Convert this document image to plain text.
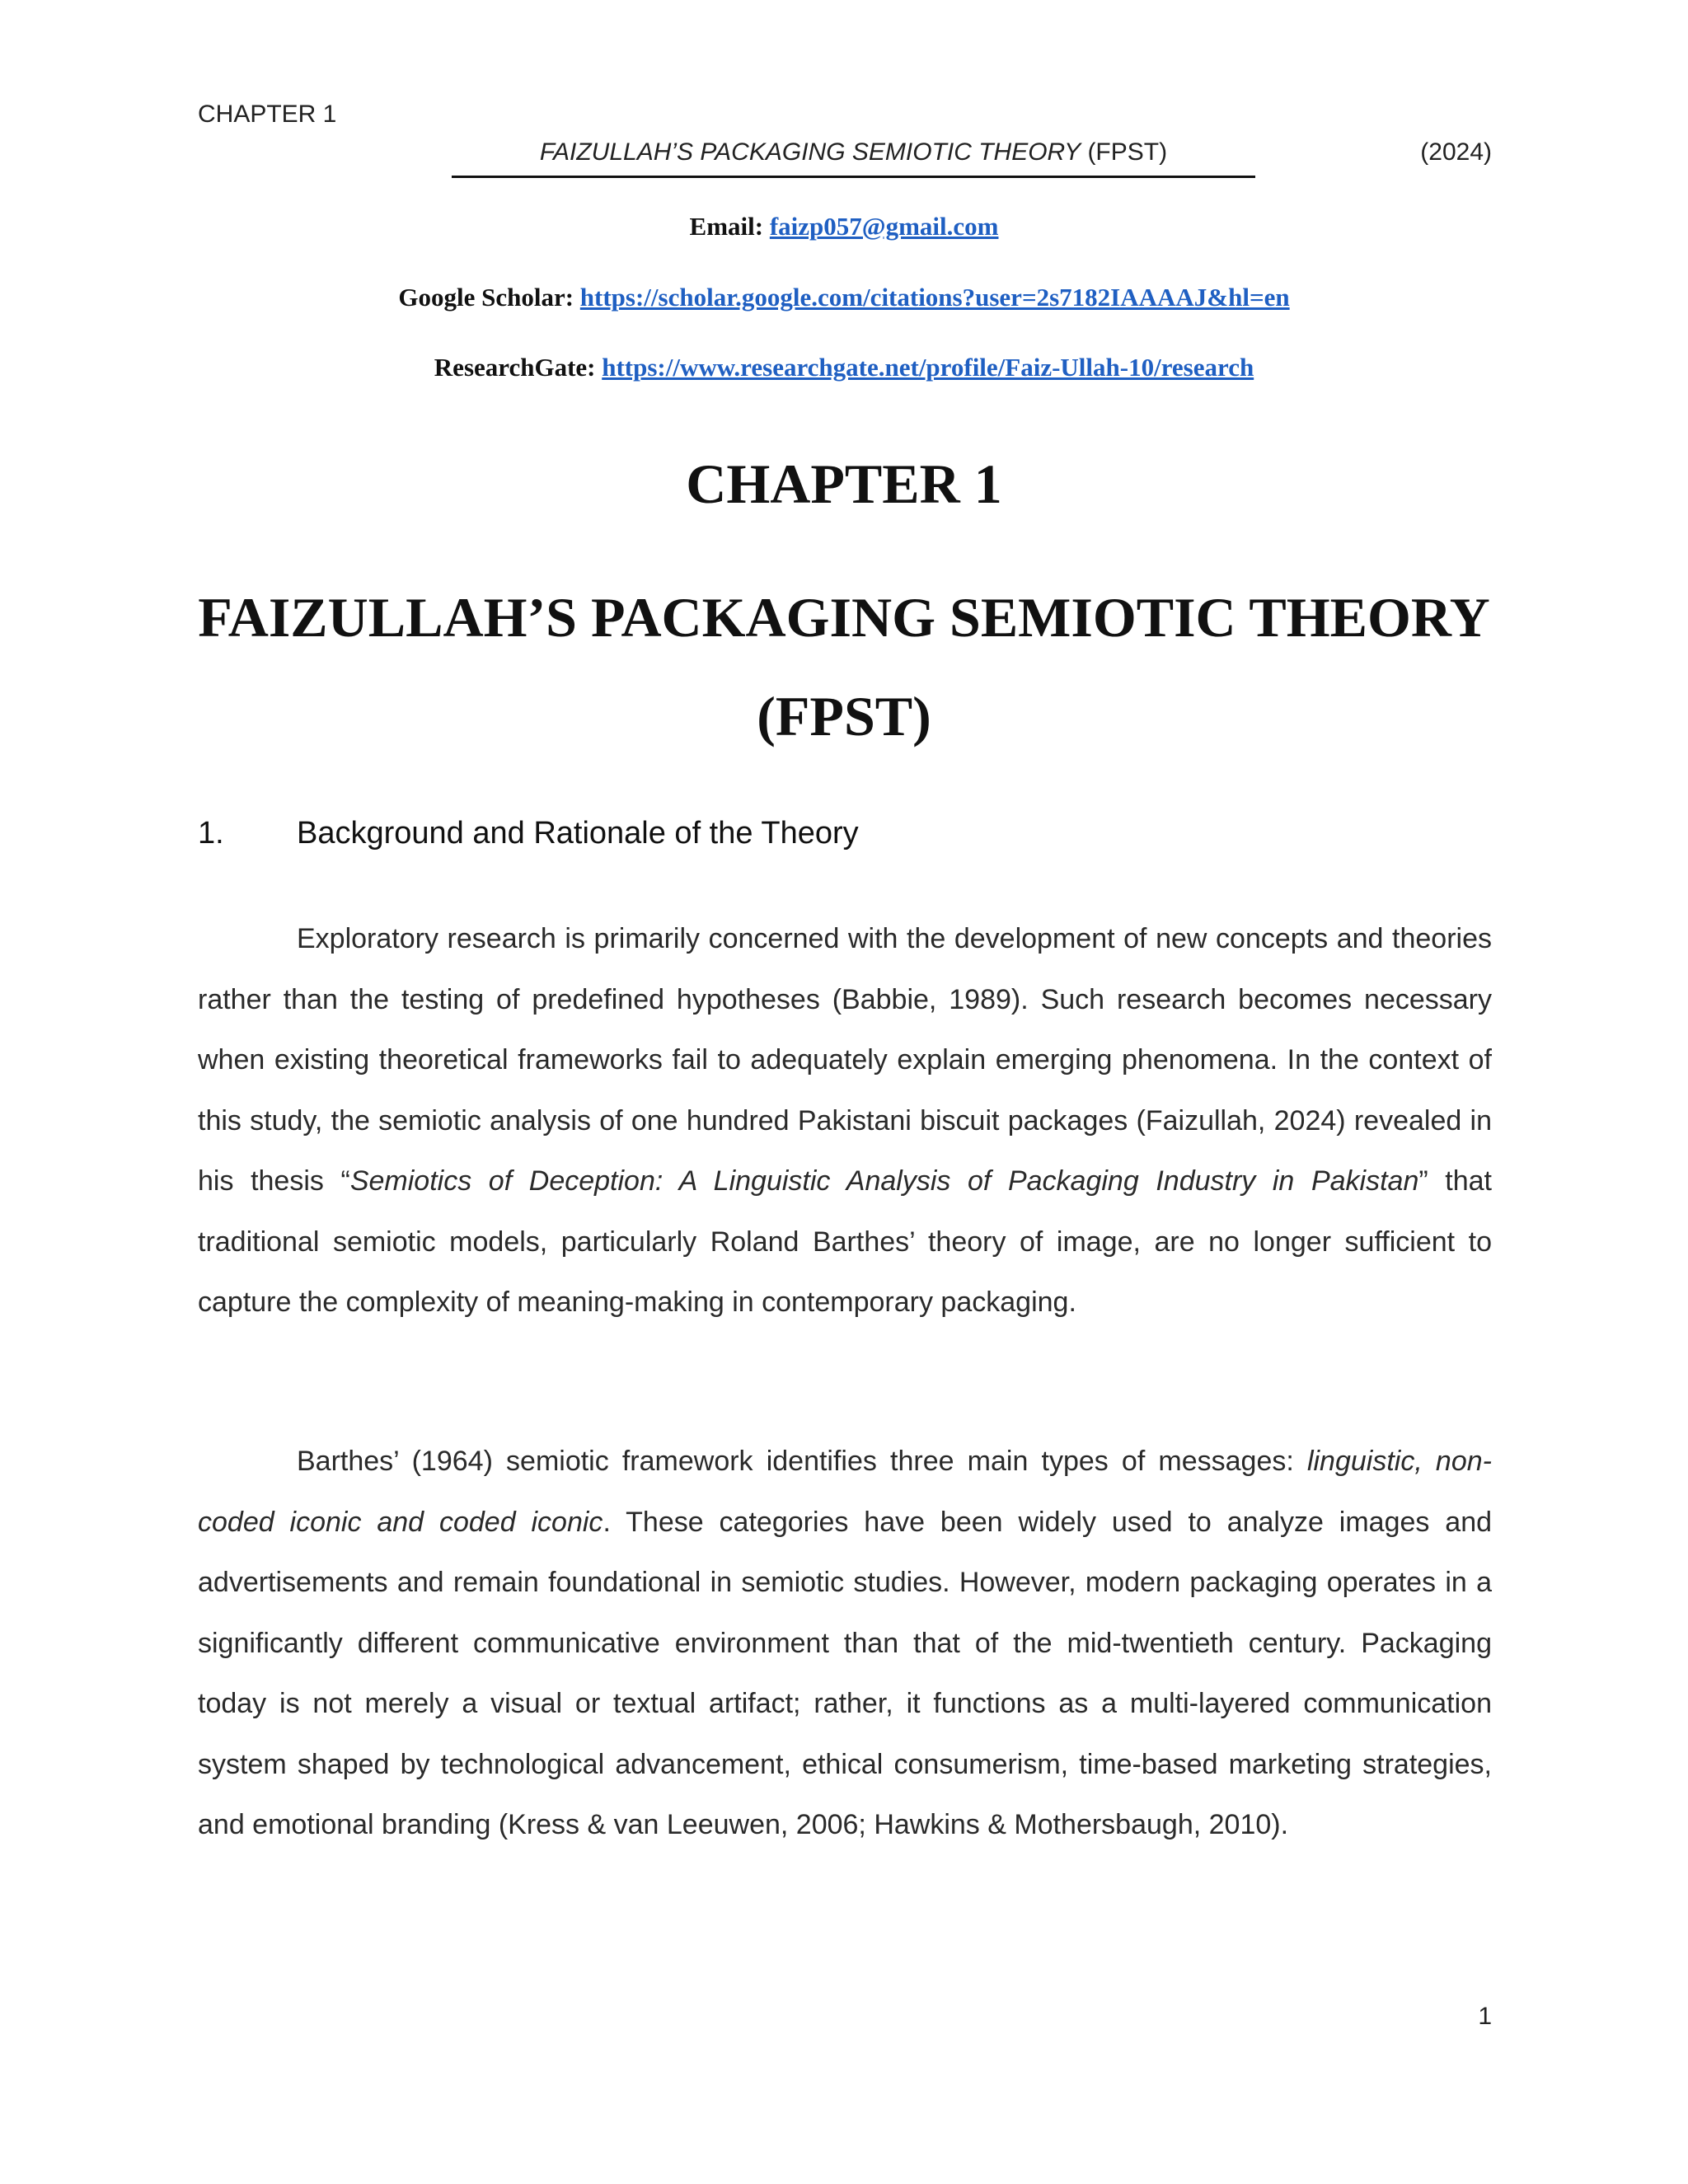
CHAPTER 1
FAIZULLAH’S PACKAGING SEMIOTIC THEORY (FPST)	(2024)
Email: faizp057@gmail.com
Google Scholar: https://scholar.google.com/citations?user=2s7182IAAAAJ&hl=en
ResearchGate: https://www.researchgate.net/profile/Faiz-Ullah-10/research
CHAPTER 1
FAIZULLAH’S PACKAGING SEMIOTIC THEORY
(FPST)
1.	Background and Rationale of the Theory

Exploratory research is primarily concerned with the development of new concepts and theories rather than the testing of predefined hypotheses (Babbie, 1989). Such research becomes necessary when existing theoretical frameworks fail to adequately explain emerging phenomena. In the context of this study, the semiotic analysis of one hundred Pakistani biscuit packages (Faizullah, 2024) revealed in his thesis “Semiotics of Deception: A Linguistic Analysis of Packaging Industry in Pakistan” that traditional semiotic models, particularly Roland Barthes’ theory of image, are no longer sufficient to capture the complexity of meaning-making in contemporary packaging.

Barthes’ (1964) semiotic framework identifies three main types of messages: linguistic, non-coded iconic and coded iconic. These categories have been widely used to analyze images and advertisements and remain foundational in semiotic studies. However, modern packaging operates in a significantly different communicative environment than that of the mid-twentieth century. Packaging today is not merely a visual or textual artifact; rather, it functions as a multi-layered communication system shaped by technological advancement, ethical consumerism, time-based marketing strategies, and emotional branding (Kress & van Leeuwen, 2006; Hawkins & Mothersbaugh, 2010).

1
